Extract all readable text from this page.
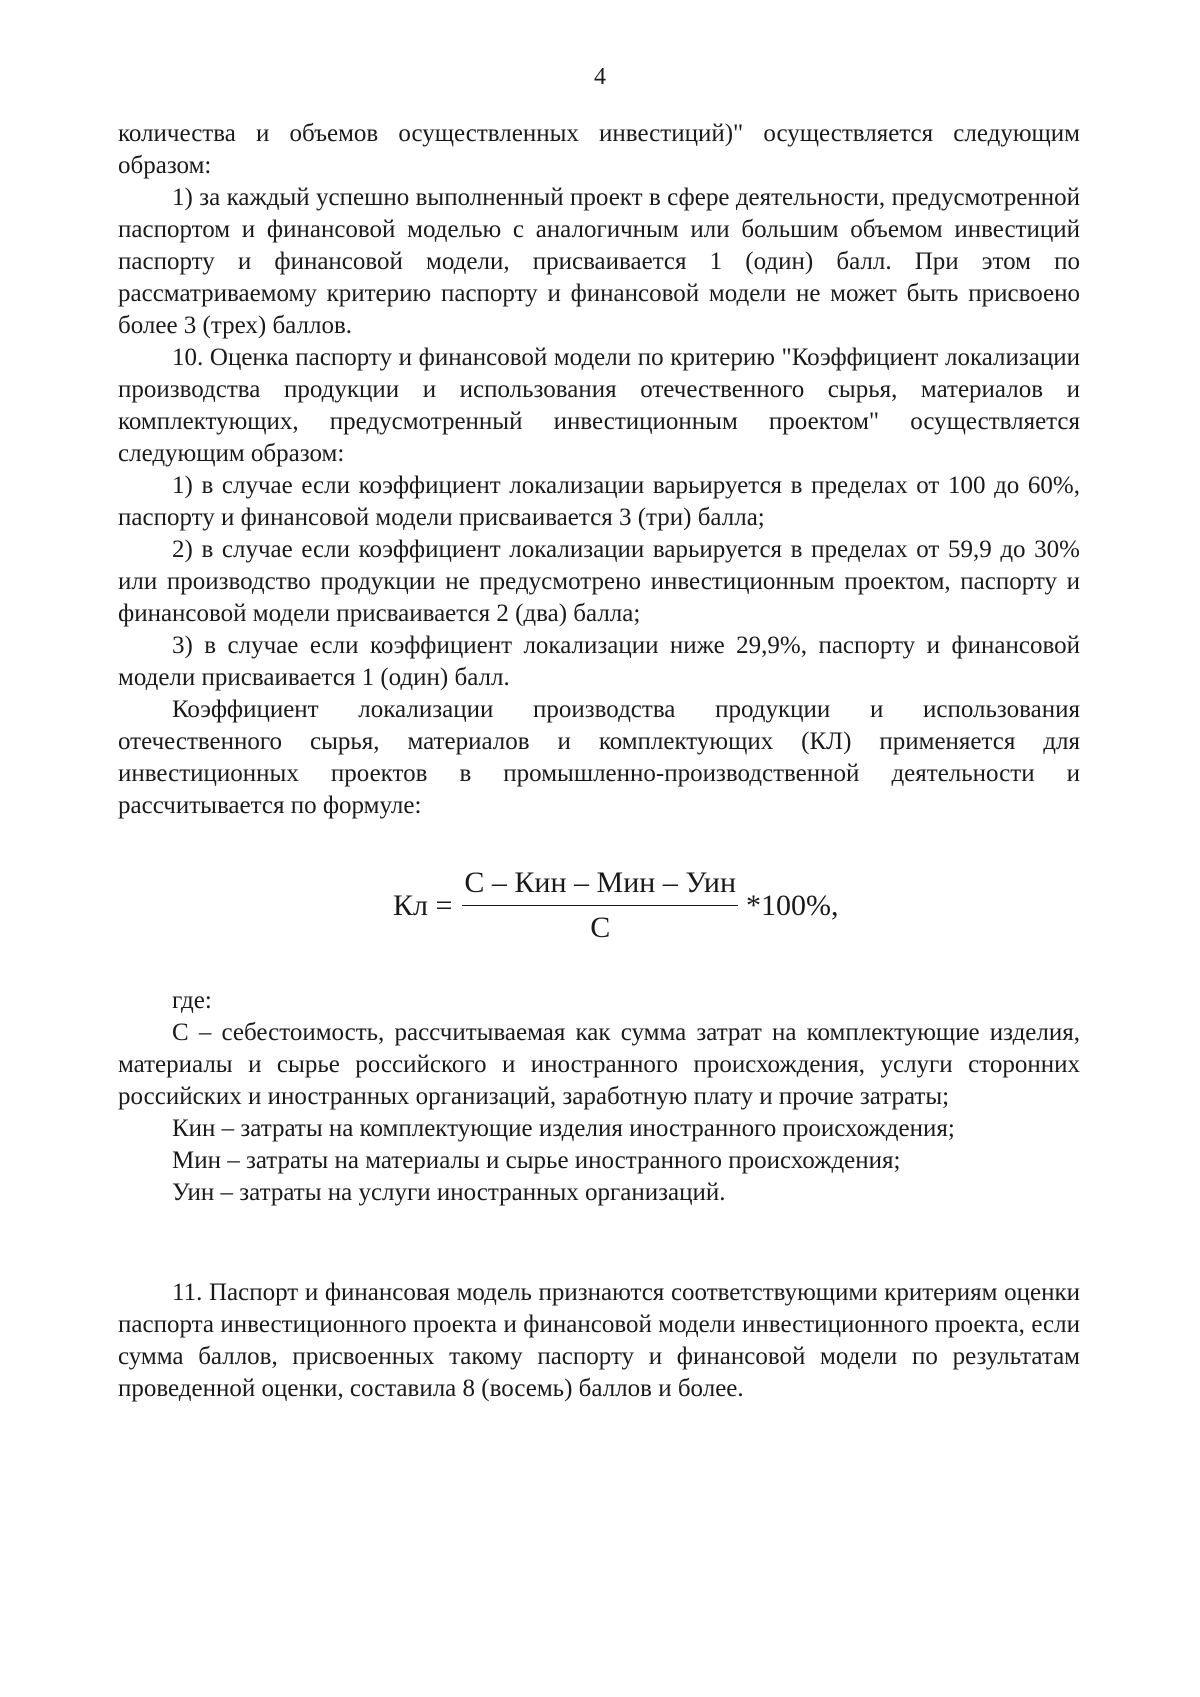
4

количества и объемов осуществленных инвестиций)" осуществляется следующим образом:

1) за каждый успешно выполненный проект в сфере деятельности, предусмотренной паспортом и финансовой моделью с аналогичным или большим объемом инвестиций паспорту и финансовой модели, присваивается 1 (один) балл. При этом по рассматриваемому критерию паспорту и финансовой модели не может быть присвоено более 3 (трех) баллов.

10. Оценка паспорту и финансовой модели по критерию "Коэффициент локализации производства продукции и использования отечественного сырья, материалов и комплектующих, предусмотренный инвестиционным проектом" осуществляется следующим образом:

1) в случае если коэффициент локализации варьируется в пределах от 100 до 60%, паспорту и финансовой модели присваивается 3 (три) балла;

2) в случае если коэффициент локализации варьируется в пределах от 59,9 до 30% или производство продукции не предусмотрено инвестиционным проектом, паспорту и финансовой модели присваивается 2 (два) балла;

3) в случае если коэффициент локализации ниже 29,9%, паспорту и финансовой модели присваивается 1 (один) балл.

Коэффициент локализации производства продукции и использования отечественного сырья, материалов и комплектующих (КЛ) применяется для инвестиционных проектов в промышленно-производственной деятельности и рассчитывается по формуле:

Кл = $\frac{\text{С – Кин – Мин – Уин}}{С} *100\%$,

где:

С – себестоимость, рассчитываемая как сумма затрат на комплектующие изделия, материалы и сырье российского и иностранного происхождения, услуги сторонних российских и иностранных организаций, заработную плату и прочие затраты;

Кин – затраты на комплектующие изделия иностранного происхождения;

Мин – затраты на материалы и сырье иностранного происхождения;

Уин – затраты на услуги иностранных организаций.

11. Паспорт и финансовая модель признаются соответствующими критериям оценки паспорта инвестиционного проекта и финансовой модели инвестиционного проекта, если сумма баллов, присвоенных такому паспорту и финансовой модели по результатам проведенной оценки, составила 8 (восемь) баллов и более.
